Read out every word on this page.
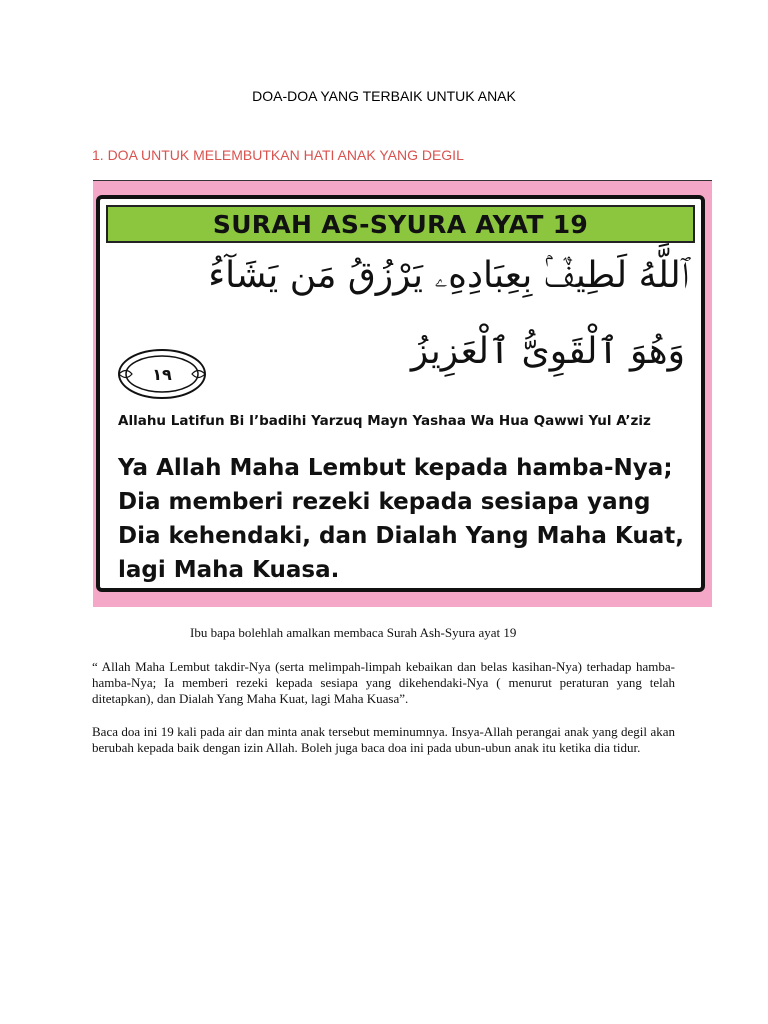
DOA-DOA YANG TERBAIK UNTUK ANAK
1. DOA UNTUK MELEMBUTKAN HATI ANAK YANG DEGIL
SURAH AS-SYURA AYAT 19
ٱللَّهُ لَطِيفٌۢ بِعِبَادِهِۦ يَرْزُقُ مَن يَشَآءُ
وَهُوَ ٱلْقَوِىُّ ٱلْعَزِيزُ
١٩
Allahu Latifun Bi I’badihi Yarzuq Mayn Yashaa Wa Hua Qawwi Yul A’ziz
Ya Allah Maha Lembut kepada hamba-Nya; Dia memberi rezeki kepada sesiapa yang Dia kehendaki, dan Dialah Yang Maha Kuat, lagi Maha Kuasa.
Ibu bapa bolehlah amalkan membaca Surah Ash-Syura ayat 19
“ Allah Maha Lembut takdir-Nya (serta melimpah-limpah kebaikan dan belas kasihan-Nya) terhadap hamba-hamba-Nya; Ia memberi rezeki kepada sesiapa yang dikehendaki-Nya ( menurut peraturan yang telah ditetapkan), dan Dialah Yang Maha Kuat, lagi Maha Kuasa”.
Baca doa ini 19 kali pada air dan minta anak tersebut meminumnya. Insya-Allah perangai anak yang degil akan berubah kepada baik dengan izin Allah. Boleh juga baca doa ini pada ubun-ubun anak itu ketika dia tidur.
